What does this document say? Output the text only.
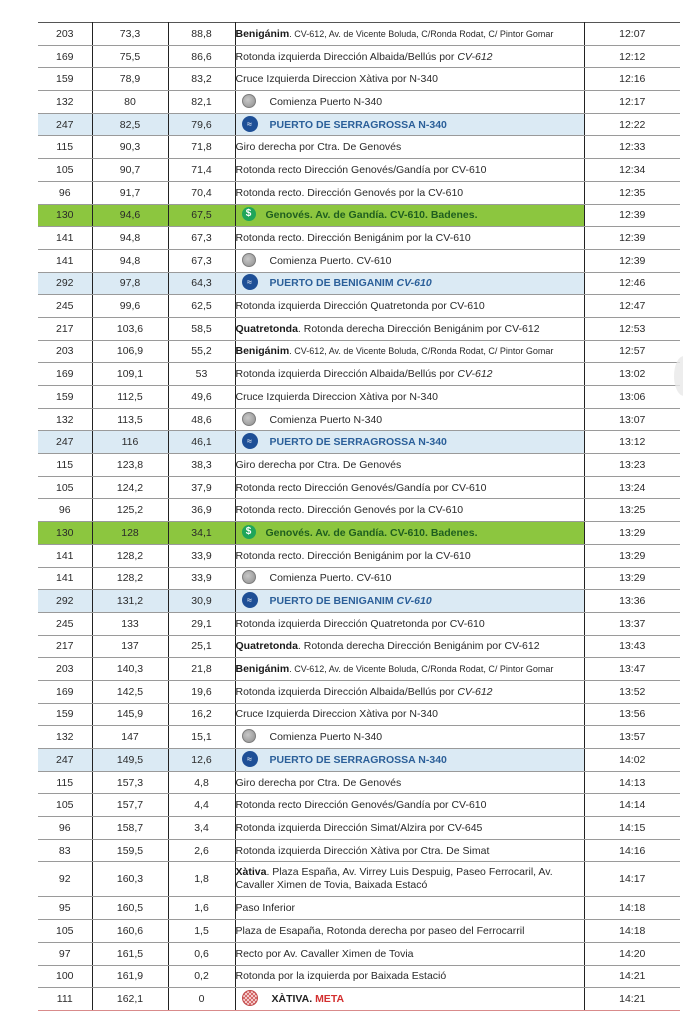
203	73,3	88,8	Benigánim. CV-612, Av. de Vicente Boluda, C/Ronda Rodat, C/ Pintor Gomar	12:07
169	75,5	86,6	Rotonda izquierda Dirección Albaida/Bellús por CV-612	12:12
159	78,9	83,2	Cruce Izquierda Direccion Xàtiva por N-340	12:16
132	80	82,1	Comienza Puerto N-340	12:17
247	82,5	79,6	≈ PUERTO DE SERRAGROSSA N-340	12:22
115	90,3	71,8	Giro derecha por Ctra. De Genovés	12:33
105	90,7	71,4	Rotonda recto Dirección Genovés/Gandía por CV-610	12:34
96	91,7	70,4	Rotonda recto. Dirección Genovés por la CV-610	12:35
130	94,6	67,5	$ Genovés. Av. de Gandía. CV-610. Badenes.	12:39
141	94,8	67,3	Rotonda recto. Dirección Benigánim por la CV-610	12:39
141	94,8	67,3	Comienza Puerto. CV-610	12:39
292	97,8	64,3	≈ PUERTO DE BENIGANIM CV-610	12:46
245	99,6	62,5	Rotonda izquierda Dirección Quatretonda por CV-610	12:47
217	103,6	58,5	Quatretonda. Rotonda derecha Dirección Benigánim por CV-612	12:53
203	106,9	55,2	Benigánim. CV-612, Av. de Vicente Boluda, C/Ronda Rodat, C/ Pintor Gomar	12:57
169	109,1	53	Rotonda izquierda Dirección Albaida/Bellús por CV-612	13:02
159	112,5	49,6	Cruce Izquierda Direccion Xàtiva por N-340	13:06
132	113,5	48,6	Comienza Puerto N-340	13:07
247	116	46,1	≈ PUERTO DE SERRAGROSSA N-340	13:12
115	123,8	38,3	Giro derecha por Ctra. De Genovés	13:23
105	124,2	37,9	Rotonda recto Dirección Genovés/Gandía por CV-610	13:24
96	125,2	36,9	Rotonda recto. Dirección Genovés por la CV-610	13:25
130	128	34,1	$ Genovés. Av. de Gandía. CV-610. Badenes.	13:29
141	128,2	33,9	Rotonda recto. Dirección Benigánim por la CV-610	13:29
141	128,2	33,9	Comienza Puerto. CV-610	13:29
292	131,2	30,9	≈ PUERTO DE BENIGANIM CV-610	13:36
245	133	29,1	Rotonda izquierda Dirección Quatretonda por CV-610	13:37
217	137	25,1	Quatretonda. Rotonda derecha Dirección Benigánim por CV-612	13:43
203	140,3	21,8	Benigánim. CV-612, Av. de Vicente Boluda, C/Ronda Rodat, C/ Pintor Gomar	13:47
169	142,5	19,6	Rotonda izquierda Dirección Albaida/Bellús por CV-612	13:52
159	145,9	16,2	Cruce Izquierda Direccion Xàtiva por N-340	13:56
132	147	15,1	Comienza Puerto N-340	13:57
247	149,5	12,6	≈ PUERTO DE SERRAGROSSA N-340	14:02
115	157,3	4,8	Giro derecha por Ctra. De Genovés	14:13
105	157,7	4,4	Rotonda recto Dirección Genovés/Gandía por CV-610	14:14
96	158,7	3,4	Rotonda izquierda Dirección Simat/Alzira por CV-645	14:15
83	159,5	2,6	Rotonda izquierda Dirección Xàtiva por Ctra. De Simat	14:16
92	160,3	1,8	Xàtiva. Plaza España, Av. Virrey Luis Despuig, Paseo Ferrocaril, Av. Cavaller Ximen de Tovia, Baixada Estacó	14:17
95	160,5	1,6	Paso Inferior	14:18
105	160,6	1,5	Plaza de Esapaña, Rotonda derecha por paseo del Ferrocarril	14:18
97	161,5	0,6	Recto por Av. Cavaller Ximen de Tovia	14:20
100	161,9	0,2	Rotonda por la izquierda por Baixada Estació	14:21
111	162,1	0	XÀTIVA. META	14:21
